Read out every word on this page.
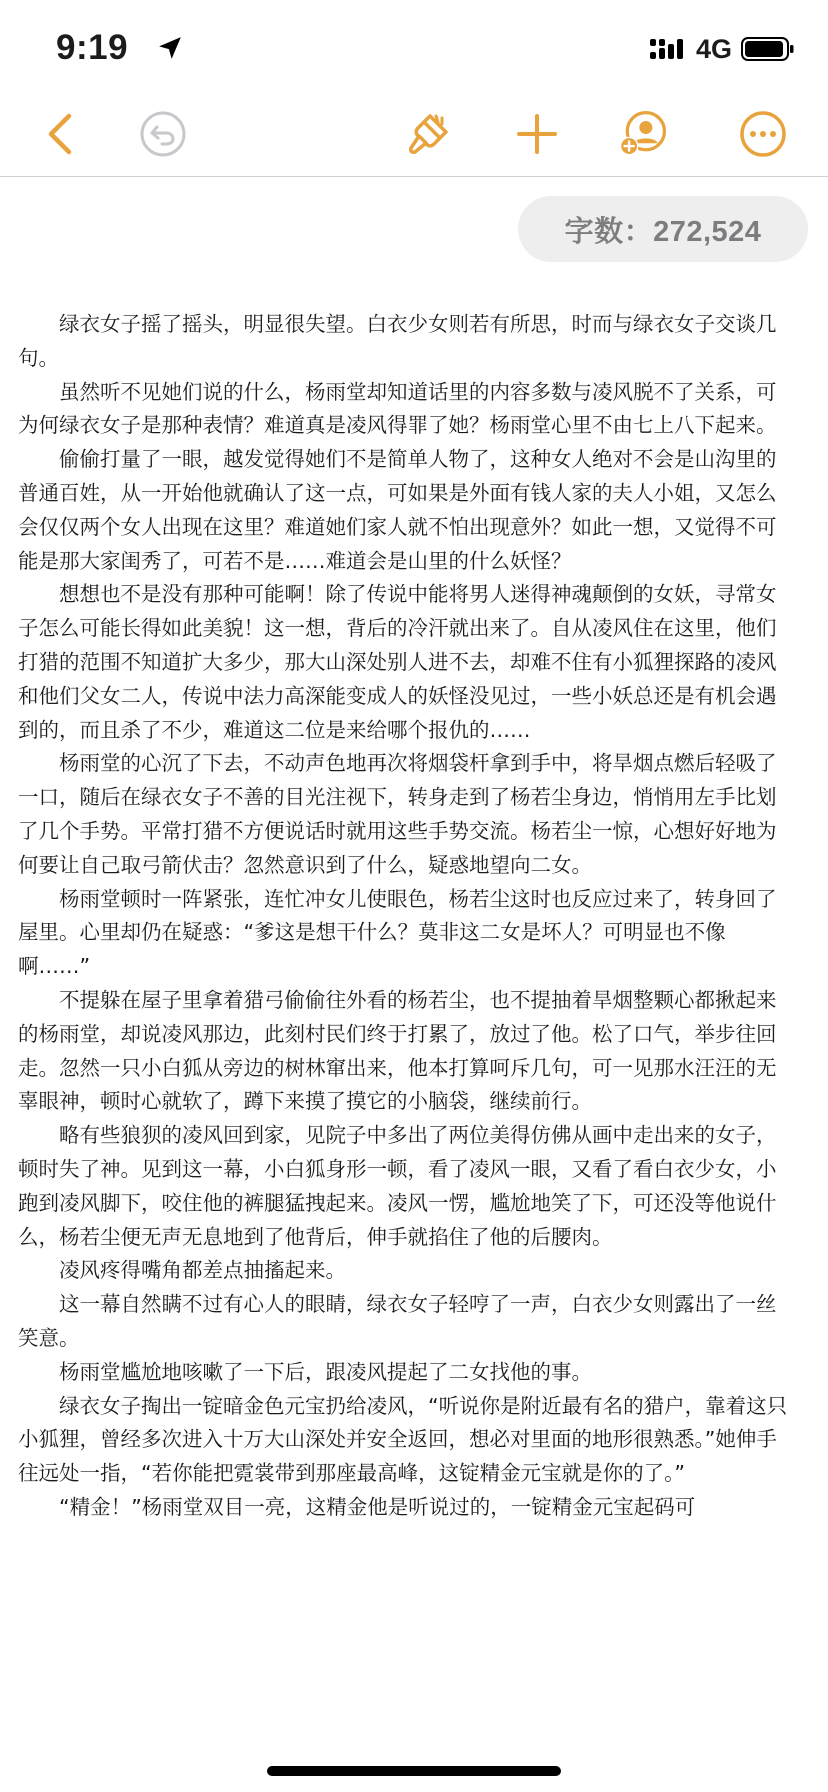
9:19	4G
字数：272,524

绿衣女子摇了摇头，明显很失望。白衣少女则若有所思，时而与绿衣女子交谈几句。

虽然听不见她们说的什么，杨雨堂却知道话里的内容多数与凌风脱不了关系，可为何绿衣女子是那种表情？难道真是凌风得罪了她？杨雨堂心里不由七上八下起来。

偷偷打量了一眼，越发觉得她们不是简单人物了，这种女人绝对不会是山沟里的普通百姓，从一开始他就确认了这一点，可如果是外面有钱人家的夫人小姐，又怎么会仅仅两个女人出现在这里？难道她们家人就不怕出现意外？如此一想，又觉得不可能是那大家闺秀了，可若不是……难道会是山里的什么妖怪？

想想也不是没有那种可能啊！除了传说中能将男人迷得神魂颠倒的女妖，寻常女子怎么可能长得如此美貌！这一想，背后的冷汗就出来了。自从凌风住在这里，他们打猎的范围不知道扩大多少，那大山深处别人进不去，却难不住有小狐狸探路的凌风和他们父女二人，传说中法力高深能变成人的妖怪没见过，一些小妖总还是有机会遇到的，而且杀了不少，难道这二位是来给哪个报仇的……

杨雨堂的心沉了下去，不动声色地再次将烟袋杆拿到手中，将旱烟点燃后轻吸了一口，随后在绿衣女子不善的目光注视下，转身走到了杨若尘身边，悄悄用左手比划了几个手势。平常打猎不方便说话时就用这些手势交流。杨若尘一惊，心想好好地为何要让自己取弓箭伏击？忽然意识到了什么，疑惑地望向二女。

杨雨堂顿时一阵紧张，连忙冲女儿使眼色，杨若尘这时也反应过来了，转身回了屋里。心里却仍在疑惑：“爹这是想干什么？莫非这二女是坏人？可明显也不像啊……”

不提躲在屋子里拿着猎弓偷偷往外看的杨若尘，也不提抽着旱烟整颗心都揪起来的杨雨堂，却说凌风那边，此刻村民们终于打累了，放过了他。松了口气，举步往回走。忽然一只小白狐从旁边的树林窜出来，他本打算呵斥几句，可一见那水汪汪的无辜眼神，顿时心就软了，蹲下来摸了摸它的小脑袋，继续前行。

略有些狼狈的凌风回到家，见院子中多出了两位美得仿佛从画中走出来的女子，顿时失了神。见到这一幕，小白狐身形一顿，看了凌风一眼，又看了看白衣少女，小跑到凌风脚下，咬住他的裤腿猛拽起来。凌风一愣，尴尬地笑了下，可还没等他说什么，杨若尘便无声无息地到了他背后，伸手就掐住了他的后腰肉。

凌风疼得嘴角都差点抽搐起来。

这一幕自然瞒不过有心人的眼睛，绿衣女子轻哼了一声，白衣少女则露出了一丝笑意。

杨雨堂尴尬地咳嗽了一下后，跟凌风提起了二女找他的事。

绿衣女子掏出一锭暗金色元宝扔给凌风，“听说你是附近最有名的猎户，靠着这只小狐狸，曾经多次进入十万大山深处并安全返回，想必对里面的地形很熟悉。”她伸手往远处一指，“若你能把霓裳带到那座最高峰，这锭精金元宝就是你的了。”

“精金！”杨雨堂双目一亮，这精金他是听说过的，一锭精金元宝起码可
